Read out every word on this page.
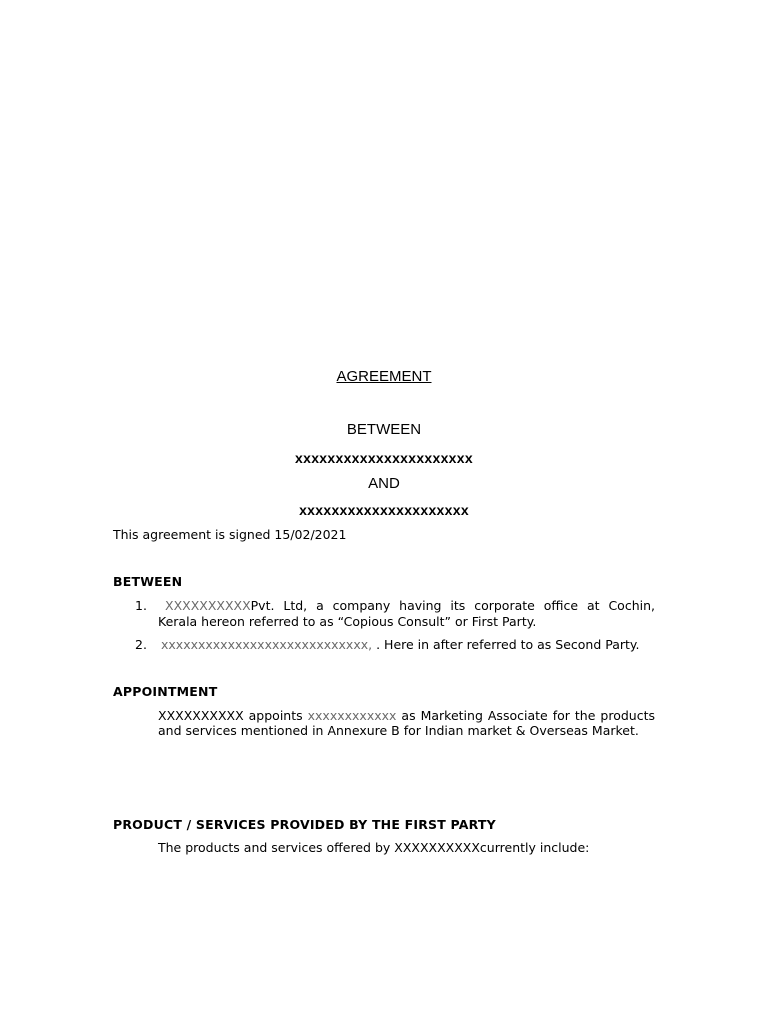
AGREEMENT
BETWEEN
xxxxxxxxxxxxxxxxxxxxxx
AND
xxxxxxxxxxxxxxxxxxxxx
This agreement is signed 15/02/2021
BETWEEN
1. XXXXXXXXXXPvt. Ltd, a company having its corporate office at Cochin,
Kerala hereon referred to as “Copious Consult” or First Party.
2. xxxxxxxxxxxxxxxxxxxxxxxxxxxx, . Here in after referred to as Second Party.
APPOINTMENT
XXXXXXXXXX appoints xxxxxxxxxxxx as Marketing Associate for the products
and services mentioned in Annexure B for Indian market & Overseas Market.
PRODUCT / SERVICES PROVIDED BY THE FIRST PARTY
The products and services offered by XXXXXXXXXXcurrently include:
